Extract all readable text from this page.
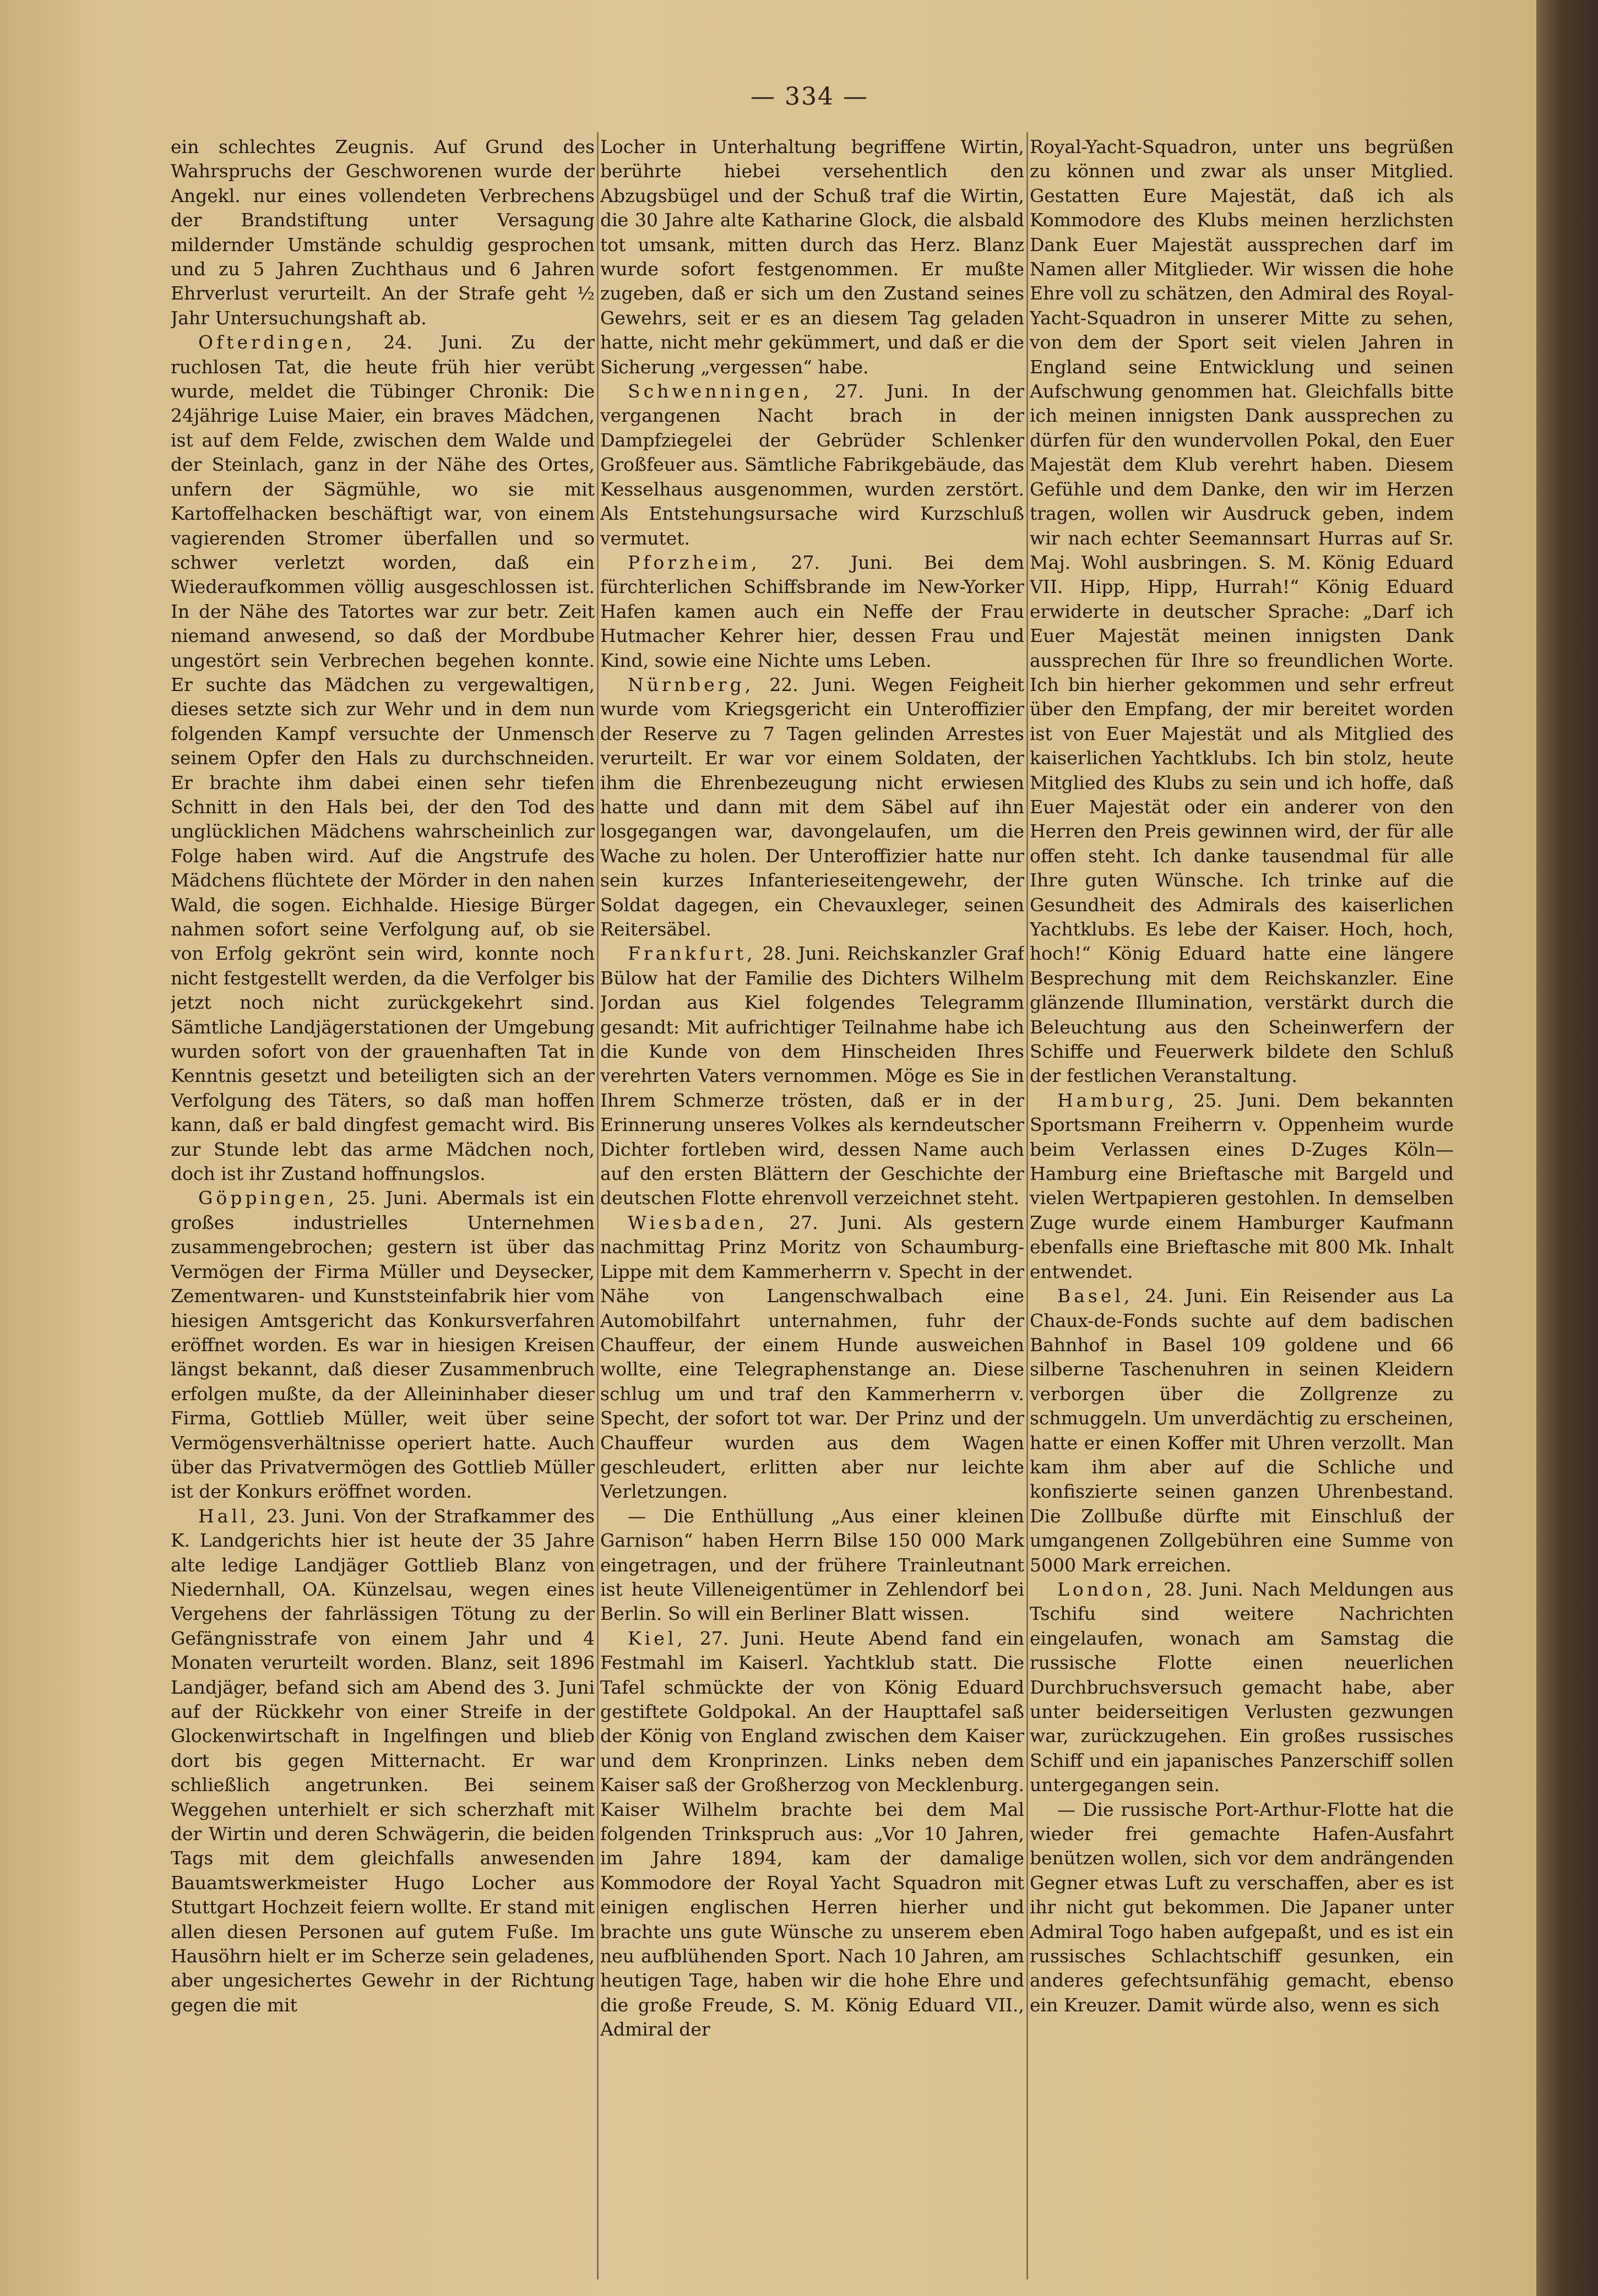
— 334 —

ein schlechtes Zeugnis. Auf Grund des Wahrspruchs der Geschworenen wurde der Angekl. nur eines vollendeten Verbrechens der Brandstiftung unter Versagung mildernder Umstände schuldig gesprochen und zu 5 Jahren Zuchthaus und 6 Jahren Ehrverlust verurteilt. An der Strafe geht ½ Jahr Untersuchungshaft ab.

Ofterdingen, 24. Juni. Zu der ruchlosen Tat, die heute früh hier verübt wurde, meldet die Tübinger Chronik: Die 24jährige Luise Maier, ein braves Mädchen, ist auf dem Felde, zwischen dem Walde und der Steinlach, ganz in der Nähe des Ortes, unfern der Sägmühle, wo sie mit Kartoffelhacken beschäftigt war, von einem vagierenden Stromer überfallen und so schwer verletzt worden, daß ein Wiederaufkommen völlig ausgeschlossen ist. In der Nähe des Tatortes war zur betr. Zeit niemand anwesend, so daß der Mordbube ungestört sein Verbrechen begehen konnte. Er suchte das Mädchen zu vergewaltigen, dieses setzte sich zur Wehr und in dem nun folgenden Kampf versuchte der Unmensch seinem Opfer den Hals zu durchschneiden. Er brachte ihm dabei einen sehr tiefen Schnitt in den Hals bei, der den Tod des unglücklichen Mädchens wahrscheinlich zur Folge haben wird. Auf die Angstrufe des Mädchens flüchtete der Mörder in den nahen Wald, die sogen. Eichhalde. Hiesige Bürger nahmen sofort seine Verfolgung auf, ob sie von Erfolg gekrönt sein wird, konnte noch nicht festgestellt werden, da die Verfolger bis jetzt noch nicht zurückgekehrt sind. Sämtliche Landjägerstationen der Umgebung wurden sofort von der grauenhaften Tat in Kenntnis gesetzt und beteiligten sich an der Verfolgung des Täters, so daß man hoffen kann, daß er bald dingfest gemacht wird. Bis zur Stunde lebt das arme Mädchen noch, doch ist ihr Zustand hoffnungslos.

Göppingen, 25. Juni. Abermals ist ein großes industrielles Unternehmen zusammengebrochen; gestern ist über das Vermögen der Firma Müller und Deysecker, Zementwaren- und Kunststeinfabrik hier vom hiesigen Amtsgericht das Konkursverfahren eröffnet worden. Es war in hiesigen Kreisen längst bekannt, daß dieser Zusammenbruch erfolgen mußte, da der Alleininhaber dieser Firma, Gottlieb Müller, weit über seine Vermögensverhältnisse operiert hatte. Auch über das Privatvermögen des Gottlieb Müller ist der Konkurs eröffnet worden.

Hall, 23. Juni. Von der Strafkammer des K. Landgerichts hier ist heute der 35 Jahre alte ledige Landjäger Gottlieb Blanz von Niedernhall, OA. Künzelsau, wegen eines Vergehens der fahrlässigen Tötung zu der Gefängnisstrafe von einem Jahr und 4 Monaten verurteilt worden. Blanz, seit 1896 Landjäger, befand sich am Abend des 3. Juni auf der Rückkehr von einer Streife in der Glockenwirtschaft in Ingelfingen und blieb dort bis gegen Mitternacht. Er war schließlich angetrunken. Bei seinem Weggehen unterhielt er sich scherzhaft mit der Wirtin und deren Schwägerin, die beiden Tags mit dem gleichfalls anwesenden Bauamtswerkmeister Hugo Locher aus Stuttgart Hochzeit feiern wollte. Er stand mit allen diesen Personen auf gutem Fuße. Im Hausöhrn hielt er im Scherze sein geladenes, aber ungesichertes Gewehr in der Richtung gegen die mit

Locher in Unterhaltung begriffene Wirtin, berührte hiebei versehentlich den Abzugsbügel und der Schuß traf die Wirtin, die 30 Jahre alte Katharine Glock, die alsbald tot umsank, mitten durch das Herz. Blanz wurde sofort festgenommen. Er mußte zugeben, daß er sich um den Zustand seines Gewehrs, seit er es an diesem Tag geladen hatte, nicht mehr gekümmert, und daß er die Sicherung „vergessen“ habe.

Schwenningen, 27. Juni. In der vergangenen Nacht brach in der Dampfziegelei der Gebrüder Schlenker Großfeuer aus. Sämtliche Fabrikgebäude, das Kesselhaus ausgenommen, wurden zerstört. Als Entstehungsursache wird Kurzschluß vermutet.

Pforzheim, 27. Juni. Bei dem fürchterlichen Schiffsbrande im New-Yorker Hafen kamen auch ein Neffe der Frau Hutmacher Kehrer hier, dessen Frau und Kind, sowie eine Nichte ums Leben.

Nürnberg, 22. Juni. Wegen Feigheit wurde vom Kriegsgericht ein Unteroffizier der Reserve zu 7 Tagen gelinden Arrestes verurteilt. Er war vor einem Soldaten, der ihm die Ehrenbezeugung nicht erwiesen hatte und dann mit dem Säbel auf ihn losgegangen war, davongelaufen, um die Wache zu holen. Der Unteroffizier hatte nur sein kurzes Infanterieseitengewehr, der Soldat dagegen, ein Chevauxleger, seinen Reitersäbel.

Frankfurt, 28. Juni. Reichskanzler Graf Bülow hat der Familie des Dichters Wilhelm Jordan aus Kiel folgendes Telegramm gesandt: Mit aufrichtiger Teilnahme habe ich die Kunde von dem Hinscheiden Ihres verehrten Vaters vernommen. Möge es Sie in Ihrem Schmerze trösten, daß er in der Erinnerung unseres Volkes als kerndeutscher Dichter fortleben wird, dessen Name auch auf den ersten Blättern der Geschichte der deutschen Flotte ehrenvoll verzeichnet steht.

Wiesbaden, 27. Juni. Als gestern nachmittag Prinz Moritz von Schaumburg-Lippe mit dem Kammerherrn v. Specht in der Nähe von Langenschwalbach eine Automobilfahrt unternahmen, fuhr der Chauffeur, der einem Hunde ausweichen wollte, eine Telegraphenstange an. Diese schlug um und traf den Kammerherrn v. Specht, der sofort tot war. Der Prinz und der Chauffeur wurden aus dem Wagen geschleudert, erlitten aber nur leichte Verletzungen.

— Die Enthüllung „Aus einer kleinen Garnison“ haben Herrn Bilse 150 000 Mark eingetragen, und der frühere Trainleutnant ist heute Villeneigentümer in Zehlendorf bei Berlin. So will ein Berliner Blatt wissen.

Kiel, 27. Juni. Heute Abend fand ein Festmahl im Kaiserl. Yachtklub statt. Die Tafel schmückte der von König Eduard gestiftete Goldpokal. An der Haupttafel saß der König von England zwischen dem Kaiser und dem Kronprinzen. Links neben dem Kaiser saß der Großherzog von Mecklenburg. Kaiser Wilhelm brachte bei dem Mal folgenden Trinkspruch aus: „Vor 10 Jahren, im Jahre 1894, kam der damalige Kommodore der Royal Yacht Squadron mit einigen englischen Herren hierher und brachte uns gute Wünsche zu unserem eben neu aufblühenden Sport. Nach 10 Jahren, am heutigen Tage, haben wir die hohe Ehre und die große Freude, S. M. König Eduard VII., Admiral der

Royal-Yacht-Squadron, unter uns begrüßen zu können und zwar als unser Mitglied. Gestatten Eure Majestät, daß ich als Kommodore des Klubs meinen herzlichsten Dank Euer Majestät aussprechen darf im Namen aller Mitglieder. Wir wissen die hohe Ehre voll zu schätzen, den Admiral des Royal-Yacht-Squadron in unserer Mitte zu sehen, von dem der Sport seit vielen Jahren in England seine Entwicklung und seinen Aufschwung genommen hat. Gleichfalls bitte ich meinen innigsten Dank aussprechen zu dürfen für den wundervollen Pokal, den Euer Majestät dem Klub verehrt haben. Diesem Gefühle und dem Danke, den wir im Herzen tragen, wollen wir Ausdruck geben, indem wir nach echter Seemannsart Hurras auf Sr. Maj. Wohl ausbringen. S. M. König Eduard VII. Hipp, Hipp, Hurrah!“ König Eduard erwiderte in deutscher Sprache: „Darf ich Euer Majestät meinen innigsten Dank aussprechen für Ihre so freundlichen Worte. Ich bin hierher gekommen und sehr erfreut über den Empfang, der mir bereitet worden ist von Euer Majestät und als Mitglied des kaiserlichen Yachtklubs. Ich bin stolz, heute Mitglied des Klubs zu sein und ich hoffe, daß Euer Majestät oder ein anderer von den Herren den Preis gewinnen wird, der für alle offen steht. Ich danke tausendmal für alle Ihre guten Wünsche. Ich trinke auf die Gesundheit des Admirals des kaiserlichen Yachtklubs. Es lebe der Kaiser. Hoch, hoch, hoch!“ König Eduard hatte eine längere Besprechung mit dem Reichskanzler. Eine glänzende Illumination, verstärkt durch die Beleuchtung aus den Scheinwerfern der Schiffe und Feuerwerk bildete den Schluß der festlichen Veranstaltung.

Hamburg, 25. Juni. Dem bekannten Sportsmann Freiherrn v. Oppenheim wurde beim Verlassen eines D-Zuges Köln—Hamburg eine Brieftasche mit Bargeld und vielen Wertpapieren gestohlen. In demselben Zuge wurde einem Hamburger Kaufmann ebenfalls eine Brieftasche mit 800 Mk. Inhalt entwendet.

Basel, 24. Juni. Ein Reisender aus La Chaux-de-Fonds suchte auf dem badischen Bahnhof in Basel 109 goldene und 66 silberne Taschenuhren in seinen Kleidern verborgen über die Zollgrenze zu schmuggeln. Um unverdächtig zu erscheinen, hatte er einen Koffer mit Uhren verzollt. Man kam ihm aber auf die Schliche und konfiszierte seinen ganzen Uhrenbestand. Die Zollbuße dürfte mit Einschluß der umgangenen Zollgebühren eine Summe von 5000 Mark erreichen.

London, 28. Juni. Nach Meldungen aus Tschifu sind weitere Nachrichten eingelaufen, wonach am Samstag die russische Flotte einen neuerlichen Durchbruchsversuch gemacht habe, aber unter beiderseitigen Verlusten gezwungen war, zurückzugehen. Ein großes russisches Schiff und ein japanisches Panzerschiff sollen untergegangen sein.

— Die russische Port-Arthur-Flotte hat die wieder frei gemachte Hafen-Ausfahrt benützen wollen, sich vor dem andrängenden Gegner etwas Luft zu verschaffen, aber es ist ihr nicht gut bekommen. Die Japaner unter Admiral Togo haben aufgepaßt, und es ist ein russisches Schlachtschiff gesunken, ein anderes gefechtsunfähig gemacht, ebenso ein Kreuzer. Damit würde also, wenn es sich
